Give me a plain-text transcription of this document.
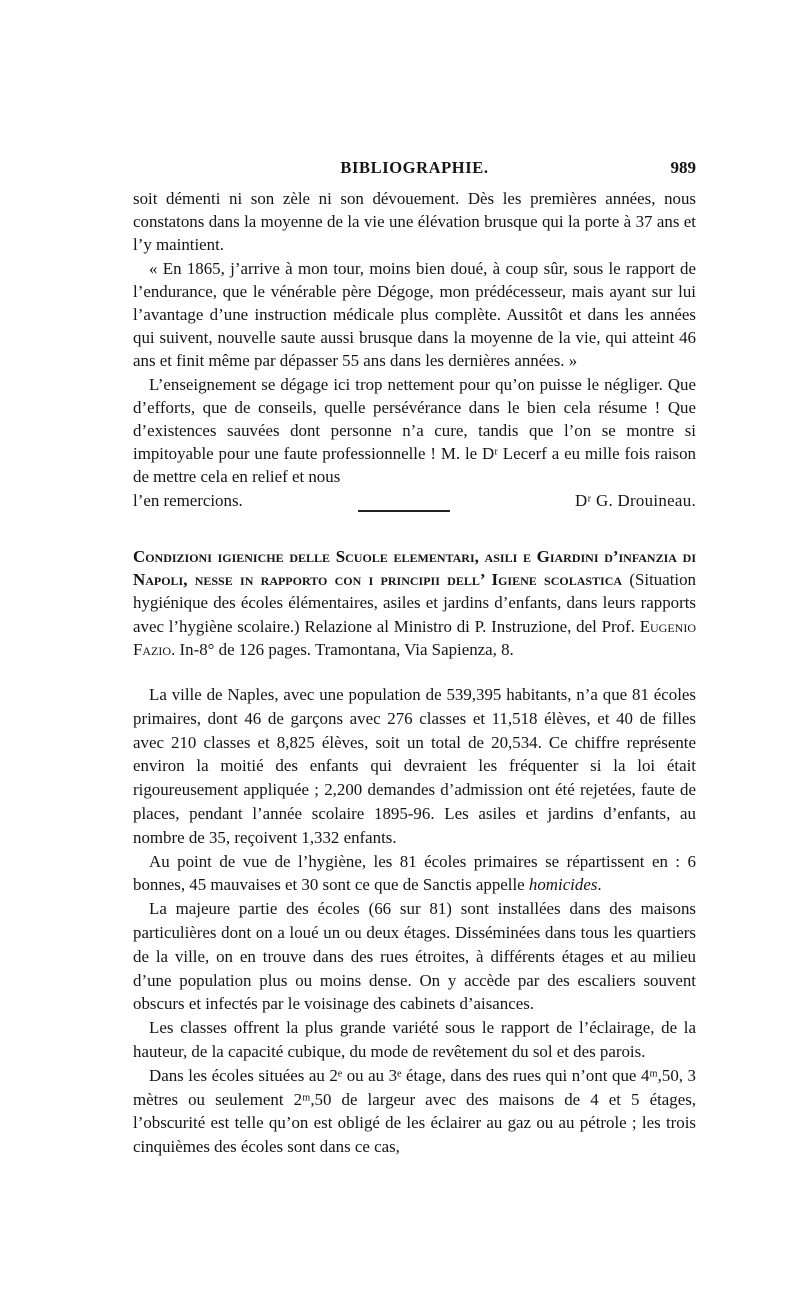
BIBLIOGRAPHIE.	989

soit démenti ni son zèle ni son dévouement. Dès les premières années, nous constatons dans la moyenne de la vie une élévation brusque qui la porte à 37 ans et l’y maintient.

« En 1865, j’arrive à mon tour, moins bien doué, à coup sûr, sous le rapport de l’endurance, que le vénérable père Dégoge, mon prédécesseur, mais ayant sur lui l’avantage d’une instruction médicale plus complète. Aussitôt et dans les années qui suivent, nouvelle saute aussi brusque dans la moyenne de la vie, qui atteint 46 ans et finit même par dépasser 55 ans dans les dernières années. »

L’enseignement se dégage ici trop nettement pour qu’on puisse le négliger. Que d’efforts, que de conseils, quelle persévérance dans le bien cela résume ! Que d’existences sauvées dont personne n’a cure, tandis que l’on se montre si impitoyable pour une faute professionnelle ! M. le Dʳ Lecerf a eu mille fois raison de mettre cela en relief et nous

l’en remercions.	Dʳ G. Drouineau.

Condizioni igieniche delle Scuole elementari, asili e Giardini d’infanzia di Napoli, nesse in rapporto con i principii dell’ Igiene scolastica (Situation hygiénique des écoles élémentaires, asiles et jardins d’enfants, dans leurs rapports avec l’hygiène scolaire.) Relazione al Ministro di P. Instruzione, del Prof. Eugenio Fazio. In-8° de 126 pages. Tramontana, Via Sapienza, 8.

La ville de Naples, avec une population de 539,395 habitants, n’a que 81 écoles primaires, dont 46 de garçons avec 276 classes et 11,518 élèves, et 40 de filles avec 210 classes et 8,825 élèves, soit un total de 20,534. Ce chiffre représente environ la moitié des enfants qui devraient les fréquenter si la loi était rigoureusement appliquée ; 2,200 demandes d’admission ont été rejetées, faute de places, pendant l’année scolaire 1895-96. Les asiles et jardins d’enfants, au nombre de 35, reçoivent 1,332 enfants.

Au point de vue de l’hygiène, les 81 écoles primaires se répartissent en : 6 bonnes, 45 mauvaises et 30 sont ce que de Sanctis appelle homicides.

La majeure partie des écoles (66 sur 81) sont installées dans des maisons particulières dont on a loué un ou deux étages. Disséminées dans tous les quartiers de la ville, on en trouve dans des rues étroites, à différents étages et au milieu d’une population plus ou moins dense. On y accède par des escaliers souvent obscurs et infectés par le voisinage des cabinets d’aisances.

Les classes offrent la plus grande variété sous le rapport de l’éclairage, de la hauteur, de la capacité cubique, du mode de revêtement du sol et des parois.

Dans les écoles situées au 2ᵉ ou au 3ᵉ étage, dans des rues qui n’ont que 4ᵐ,50, 3 mètres ou seulement 2ᵐ,50 de largeur avec des maisons de 4 et 5 étages, l’obscurité est telle qu’on est obligé de les éclairer au gaz ou au pétrole ; les trois cinquièmes des écoles sont dans ce cas,
